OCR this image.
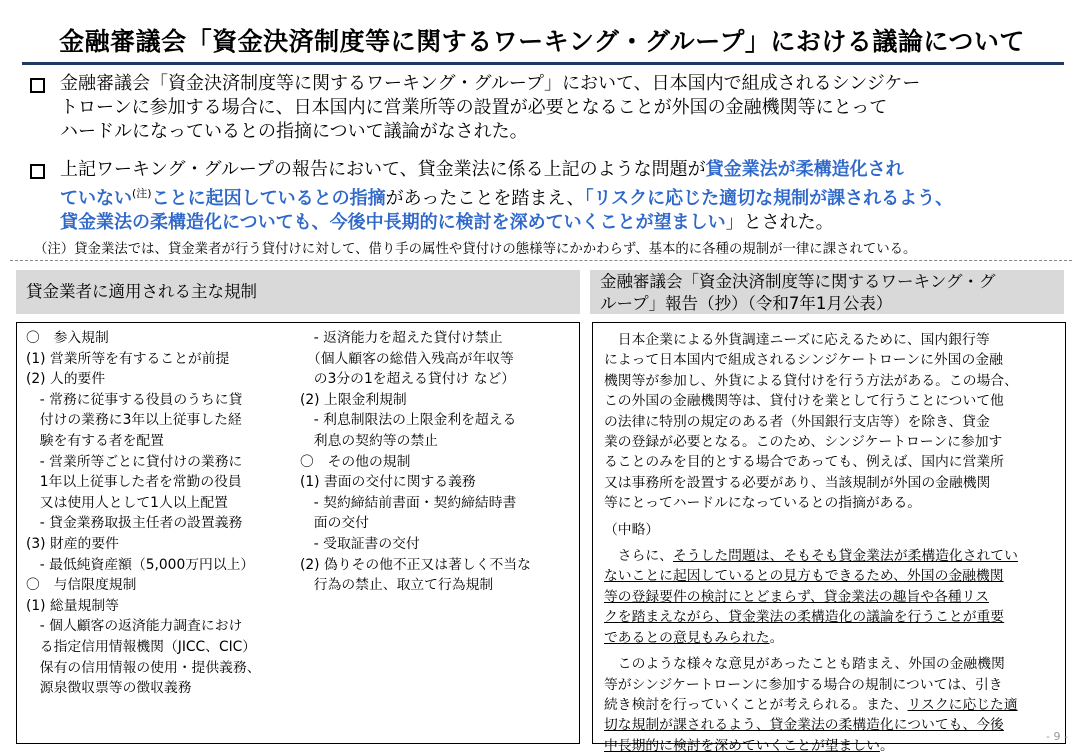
金融審議会「資金決済制度等に関するワーキング・グループ」における議論について
金融審議会「資金決済制度等に関するワーキング・グループ」において、日本国内で組成されるシンジケー
トローンに参加する場合に、日本国内に営業所等の設置が必要となることが外国の金融機関等にとって
ハードルになっているとの指摘について議論がなされた。
上記ワーキング・グループの報告において、貸金業法に係る上記のような問題が貸金業法が柔構造化され
ていない$^{(注)}$ことに起因しているとの指摘があったことを踏まえ、「リスクに応じた適切な規制が課されるよう、
貸金業法の柔構造化についても、今後中長期的に検討を深めていくことが望ましい」とされた。
（注）貸金業法では、貸金業者が行う貸付けに対して、借り手の属性や貸付けの態様等にかかわらず、基本的に各種の規制が一律に課されている。
貸金業者に適用される主な規制
金融審議会「資金決済制度等に関するワーキング・グ
ループ」報告（抄）（令和7年1月公表）
〇　参入規制
(1) 営業所等を有することが前提
(2) 人的要件
　- 常務に従事する役員のうちに貸
　付けの業務に3年以上従事した経
　験を有する者を配置
　- 営業所等ごとに貸付けの業務に
　1年以上従事した者を常勤の役員
　又は使用人として1人以上配置
　- 貸金業務取扱主任者の設置義務
(3) 財産的要件
　- 最低純資産額（5,000万円以上）
〇　与信限度規制
(1) 総量規制等
　- 個人顧客の返済能力調査におけ
　る指定信用情報機関（JICC、CIC）
　保有の信用情報の使用・提供義務、
　源泉徴収票等の徴収義務
　- 返済能力を超えた貸付け禁止
　（個人顧客の総借入残高が年収等
　の3分の1を超える貸付け など）
(2) 上限金利規制
　- 利息制限法の上限金利を超える
　利息の契約等の禁止
〇　その他の規制
(1) 書面の交付に関する義務
　- 契約締結前書面・契約締結時書
　面の交付
　- 受取証書の交付
(2) 偽りその他不正又は著しく不当な
　行為の禁止、取立て行為規制
　日本企業による外貨調達ニーズに応えるために、国内銀行等
によって日本国内で組成されるシンジケートローンに外国の金融
機関等が参加し、外貨による貸付けを行う方法がある。この場合、
この外国の金融機関等は、貸付けを業として行うことについて他
の法律に特別の規定のある者（外国銀行支店等）を除き、貸金
業の登録が必要となる。このため、シンジケートローンに参加す
ることのみを目的とする場合であっても、例えば、国内に営業所
又は事務所を設置する必要があり、当該規制が外国の金融機関
等にとってハードルになっているとの指摘がある。
（中略）
　さらに、そうした問題は、そもそも貸金業法が柔構造化されてい
ないことに起因しているとの見方もできるため、外国の金融機関
等の登録要件の検討にとどまらず、貸金業法の趣旨や各種リス
クを踏まえながら、貸金業法の柔構造化の議論を行うことが重要
であるとの意見もみられた。
　このような様々な意見があったことも踏まえ、外国の金融機関
等がシンジケートローンに参加する場合の規制については、引き
続き検討を行っていくことが考えられる。また、リスクに応じた適
切な規制が課されるよう、貸金業法の柔構造化についても、今後
中長期的に検討を深めていくことが望ましい。
- 9 -
